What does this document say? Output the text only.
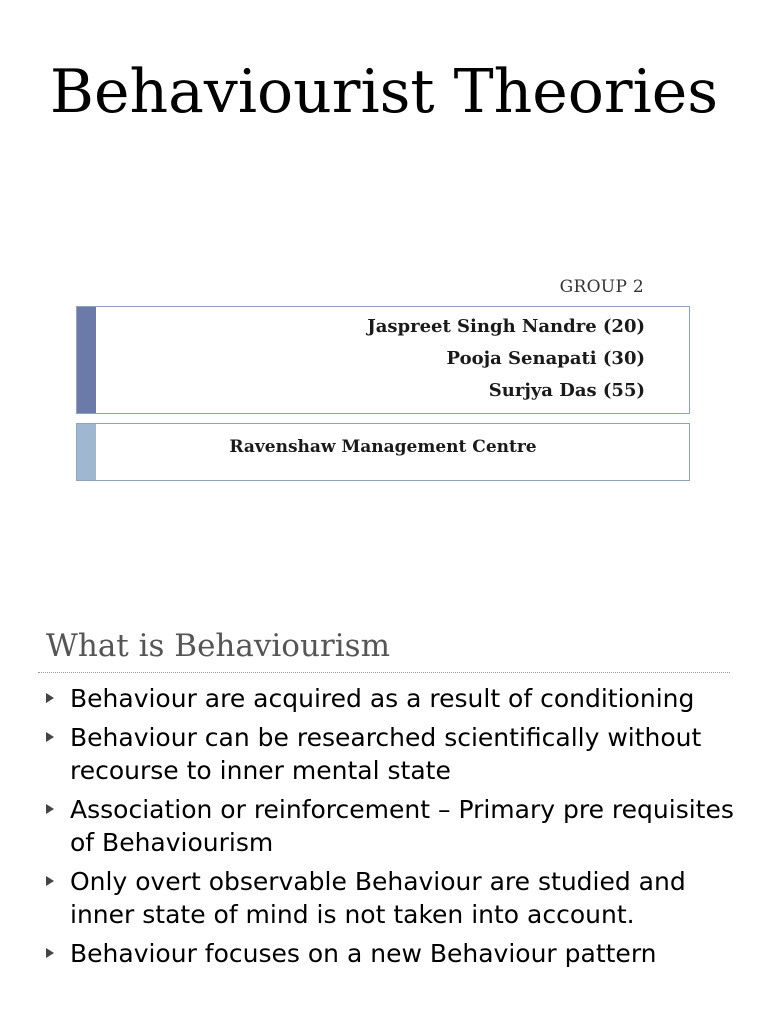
Behaviourist Theories
GROUP 2
Jaspreet Singh Nandre (20)
Pooja Senapati (30)
Surjya Das (55)
Ravenshaw Management Centre
What is Behaviourism
Behaviour are acquired as a result of conditioning
Behaviour can be researched scientifically without recourse to inner mental state
Association or reinforcement – Primary pre requisites of Behaviourism
Only overt observable Behaviour are studied and inner state of mind is not taken into account.
Behaviour focuses on a new Behaviour pattern
